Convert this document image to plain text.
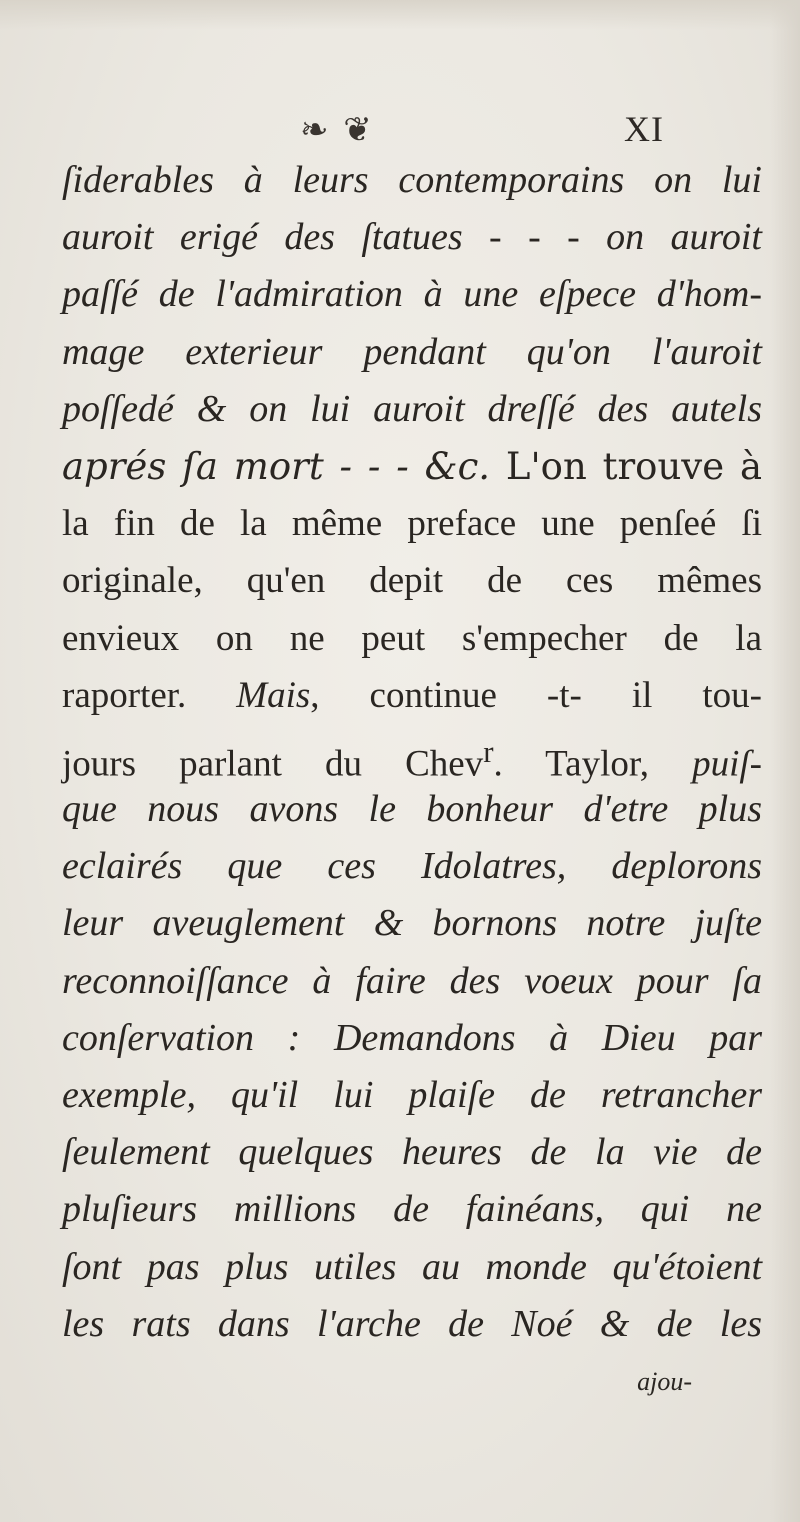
❧ ❦	XI
ſiderables à leurs contemporains on lui
auroit erigé des ſtatues - - - on auroit
paſſé de l'admiration à une eſpece d'hom-
mage exterieur pendant qu'on l'auroit
poſſedé & on lui auroit dreſſé des autels
aprés ſa mort - - - &c. L'on trouve à
la fin de la même preface une penſeé ſi
originale, qu'en depit de ces mêmes
envieux on ne peut s'empecher de la
raporter. Mais, continue -t- il tou-
jours parlant du Chev$^r$. Taylor, puiſ-
que nous avons le bonheur d'etre plus
eclairés que ces Idolatres, deplorons
leur aveuglement & bornons notre juſte
reconnoiſſance à faire des voeux pour ſa
conſervation : Demandons à Dieu par
exemple, qu'il lui plaiſe de retrancher
ſeulement quelques heures de la vie de
pluſieurs millions de fainéans, qui ne
ſont pas plus utiles au monde qu'étoient
les rats dans l'arche de Noé & de les
ajou-
